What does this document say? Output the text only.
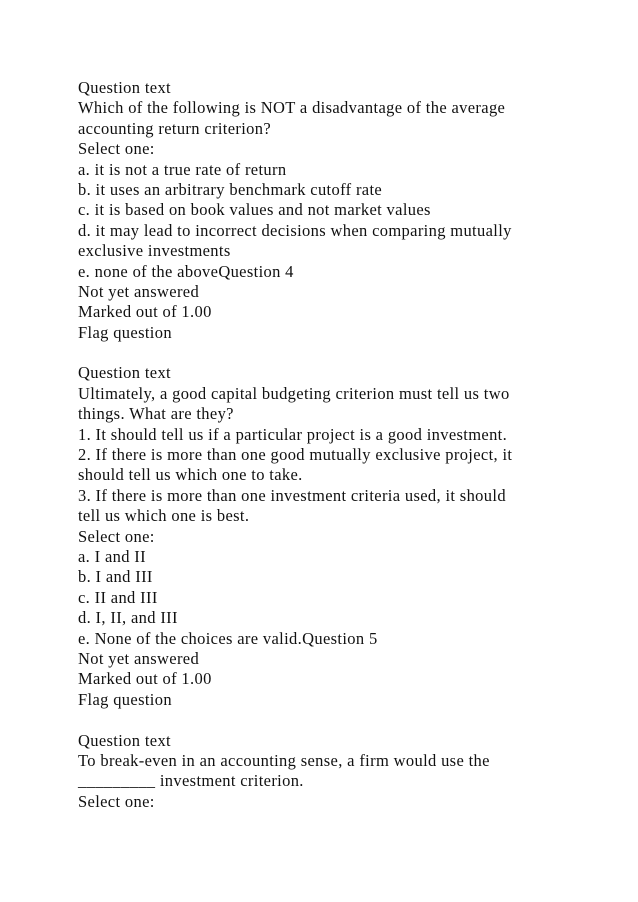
Question text
Which of the following is NOT a disadvantage of the average
accounting return criterion?
Select one:
a. it is not a true rate of return
b. it uses an arbitrary benchmark cutoff rate
c. it is based on book values and not market values
d. it may lead to incorrect decisions when comparing mutually
exclusive investments
e. none of the aboveQuestion 4
Not yet answered
Marked out of 1.00
Flag question
Question text
Ultimately, a good capital budgeting criterion must tell us two
things. What are they?
1. It should tell us if a particular project is a good investment.
2. If there is more than one good mutually exclusive project, it
should tell us which one to take.
3. If there is more than one investment criteria used, it should
tell us which one is best.
Select one:
a. I and II
b. I and III
c. II and III
d. I, II, and III
e. None of the choices are valid.Question 5
Not yet answered
Marked out of 1.00
Flag question
Question text
To break-even in an accounting sense, a firm would use the
_________ investment criterion.
Select one:
